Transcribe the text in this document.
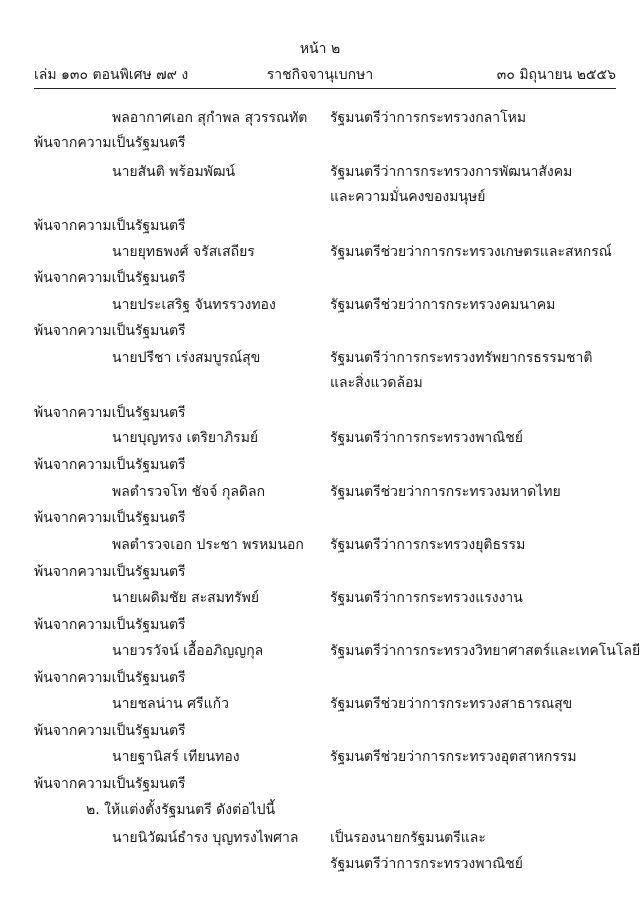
หน้า ๒
เล่ม ๑๓๐ ตอนพิเศษ ๗๙ ง	ราชกิจจานุเบกษา	๓๐ มิถุนายน ๒๕๕๖
พลอากาศเอก สุกำพล สุวรรณทัต รัฐมนตรีว่าการกระทรวงกลาโหม
พ้นจากความเป็นรัฐมนตรี
นายสันติ พร้อมพัฒน์	รัฐมนตรีว่าการกระทรวงการพัฒนาสังคม
และความมั่นคงของมนุษย์
พ้นจากความเป็นรัฐมนตรี
นายยุทธพงศ์ จรัสเสถียร	รัฐมนตรีช่วยว่าการกระทรวงเกษตรและสหกรณ์
พ้นจากความเป็นรัฐมนตรี
นายประเสริฐ จันทรรวงทอง	รัฐมนตรีช่วยว่าการกระทรวงคมนาคม
พ้นจากความเป็นรัฐมนตรี
นายปรีชา เร่งสมบูรณ์สุข	รัฐมนตรีว่าการกระทรวงทรัพยากรธรรมชาติ
และสิ่งแวดล้อม
พ้นจากความเป็นรัฐมนตรี
นายบุญทรง เตริยาภิรมย์	รัฐมนตรีว่าการกระทรวงพาณิชย์
พ้นจากความเป็นรัฐมนตรี
พลตำรวจโท ชัจจ์ กุลดิลก	รัฐมนตรีช่วยว่าการกระทรวงมหาดไทย
พ้นจากความเป็นรัฐมนตรี
พลตำรวจเอก ประชา พรหมนอก รัฐมนตรีว่าการกระทรวงยุติธรรม
พ้นจากความเป็นรัฐมนตรี
นายเผดิมชัย สะสมทรัพย์	รัฐมนตรีว่าการกระทรวงแรงงาน
พ้นจากความเป็นรัฐมนตรี
นายวรวัจน์ เอื้ออภิญญกุล	รัฐมนตรีว่าการกระทรวงวิทยาศาสตร์และเทคโนโลยี
พ้นจากความเป็นรัฐมนตรี
นายชลน่าน ศรีแก้ว	รัฐมนตรีช่วยว่าการกระทรวงสาธารณสุข
พ้นจากความเป็นรัฐมนตรี
นายฐานิสร์ เทียนทอง	รัฐมนตรีช่วยว่าการกระทรวงอุตสาหกรรม
พ้นจากความเป็นรัฐมนตรี
๒. ให้แต่งตั้งรัฐมนตรี ดังต่อไปนี้
นายนิวัฒน์ธำรง บุญทรงไพศาล เป็นรองนายกรัฐมนตรีและ
รัฐมนตรีว่าการกระทรวงพาณิชย์
